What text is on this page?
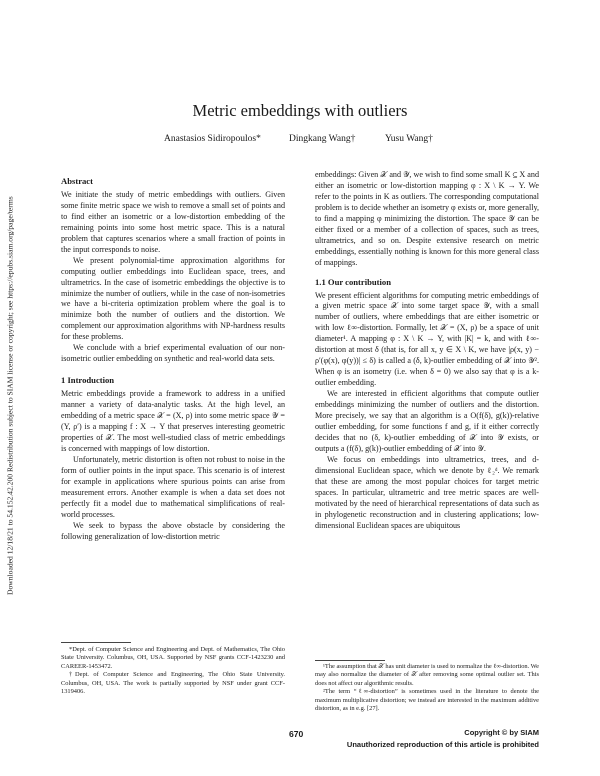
Downloaded 12/18/21 to 54.152.42.200 Redistribution subject to SIAM license or copyright; see https://epubs.siam.org/page/terms
Metric embeddings with outliers
Anastasios Sidiropoulos*	Dingkang Wang†	Yusu Wang†
Abstract

We initiate the study of metric embeddings with outliers. Given some finite metric space we wish to remove a small set of points and to find either an isometric or a low-distortion embedding of the remaining points into some host metric space. This is a natural problem that captures scenarios where a small fraction of points in the input corresponds to noise.

We present polynomial-time approximation algorithms for computing outlier embeddings into Euclidean space, trees, and ultrametrics. In the case of isometric embeddings the objective is to minimize the number of outliers, while in the case of non-isometries we have a bi-criteria optimization problem where the goal is to minimize both the number of outliers and the distortion. We complement our approximation algorithms with NP-hardness results for these problems.

We conclude with a brief experimental evaluation of our non-isometric outlier embedding on synthetic and real-world data sets.

1 Introduction

Metric embeddings provide a framework to address in a unified manner a variety of data-analytic tasks. At the high level, an embedding of a metric space 𝒳 = (X, ρ) into some metric space 𝒴 = (Y, ρ′) is a mapping f : X → Y that preserves interesting geometric properties of 𝒳. The most well-studied class of metric embeddings is concerned with mappings of low distortion.

Unfortunately, metric distortion is often not robust to noise in the form of outlier points in the input space. This scenario is of interest for example in applications where spurious points can arise from measurement errors. Another example is when a data set does not perfectly fit a model due to mathematical simplifications of real-world processes.

We seek to bypass the above obstacle by considering the following generalization of low-distortion metric

*Dept. of Computer Science and Engineering and Dept. of Mathematics, The Ohio State University. Columbus, OH, USA. Supported by NSF grants CCF-1423230 and CAREER-1453472.

†Dept. of Computer Science and Engineering, The Ohio State University. Columbus, OH, USA. The work is partially supported by NSF under grant CCF-1319406.

embeddings: Given 𝒳 and 𝒴, we wish to find some small K ⊆ X and either an isometric or low-distortion mapping φ : X \ K → Y. We refer to the points in K as outliers. The corresponding computational problem is to decide whether an isometry φ exists or, more generally, to find a mapping φ minimizing the distortion. The space 𝒴 can be either fixed or a member of a collection of spaces, such as trees, ultrametrics, and so on. Despite extensive research on metric embeddings, essentially nothing is known for this more general class of mappings.

1.1 Our contribution

We present efficient algorithms for computing metric embeddings of a given metric space 𝒳 into some target space 𝒴, with a small number of outliers, where embeddings that are either isometric or with low ℓ∞-distortion. Formally, let 𝒳 = (X, ρ) be a space of unit diameter¹. A mapping φ : X \ K → Y, with |K| = k, and with ℓ∞-distortion at most δ (that is, for all x, y ∈ X \ K, we have |ρ(x, y) − ρ′(φ(x), φ(y))| ≤ δ) is called a (δ, k)-outlier embedding of 𝒳 into 𝒴². When φ is an isometry (i.e. when δ = 0) we also say that φ is a k-outlier embedding.

We are interested in efficient algorithms that compute outlier embeddings minimizing the number of outliers and the distortion. More precisely, we say that an algorithm is a O(f(δ), g(k))-relative outlier embedding, for some functions f and g, if it either correctly decides that no (δ, k)-outlier embedding of 𝒳 into 𝒴 exists, or outputs a (f(δ), g(k))-outlier embedding of 𝒳 into 𝒴.

We focus on embeddings into ultrametrics, trees, and d-dimensional Euclidean space, which we denote by ℓ₂ᵈ. We remark that these are among the most popular choices for target metric spaces. In particular, ultrametric and tree metric spaces are well-motivated by the need of hierarchical representations of data such as in phylogenetic reconstruction and in clustering applications; low-dimensional Euclidean spaces are ubiquitous

¹The assumption that 𝒳 has unit diameter is used to normalize the ℓ∞-distortion. We may also normalize the diameter of 𝒳 after removing some optimal outlier set. This does not affect our algorithmic results.

²The term “ℓ∞-distortion” is sometimes used in the literature to denote the maximum multiplicative distortion; we instead are interested in the maximum additive distortion, as in e.g. [27].

670	Copyright © by SIAM
Unauthorized reproduction of this article is prohibited
